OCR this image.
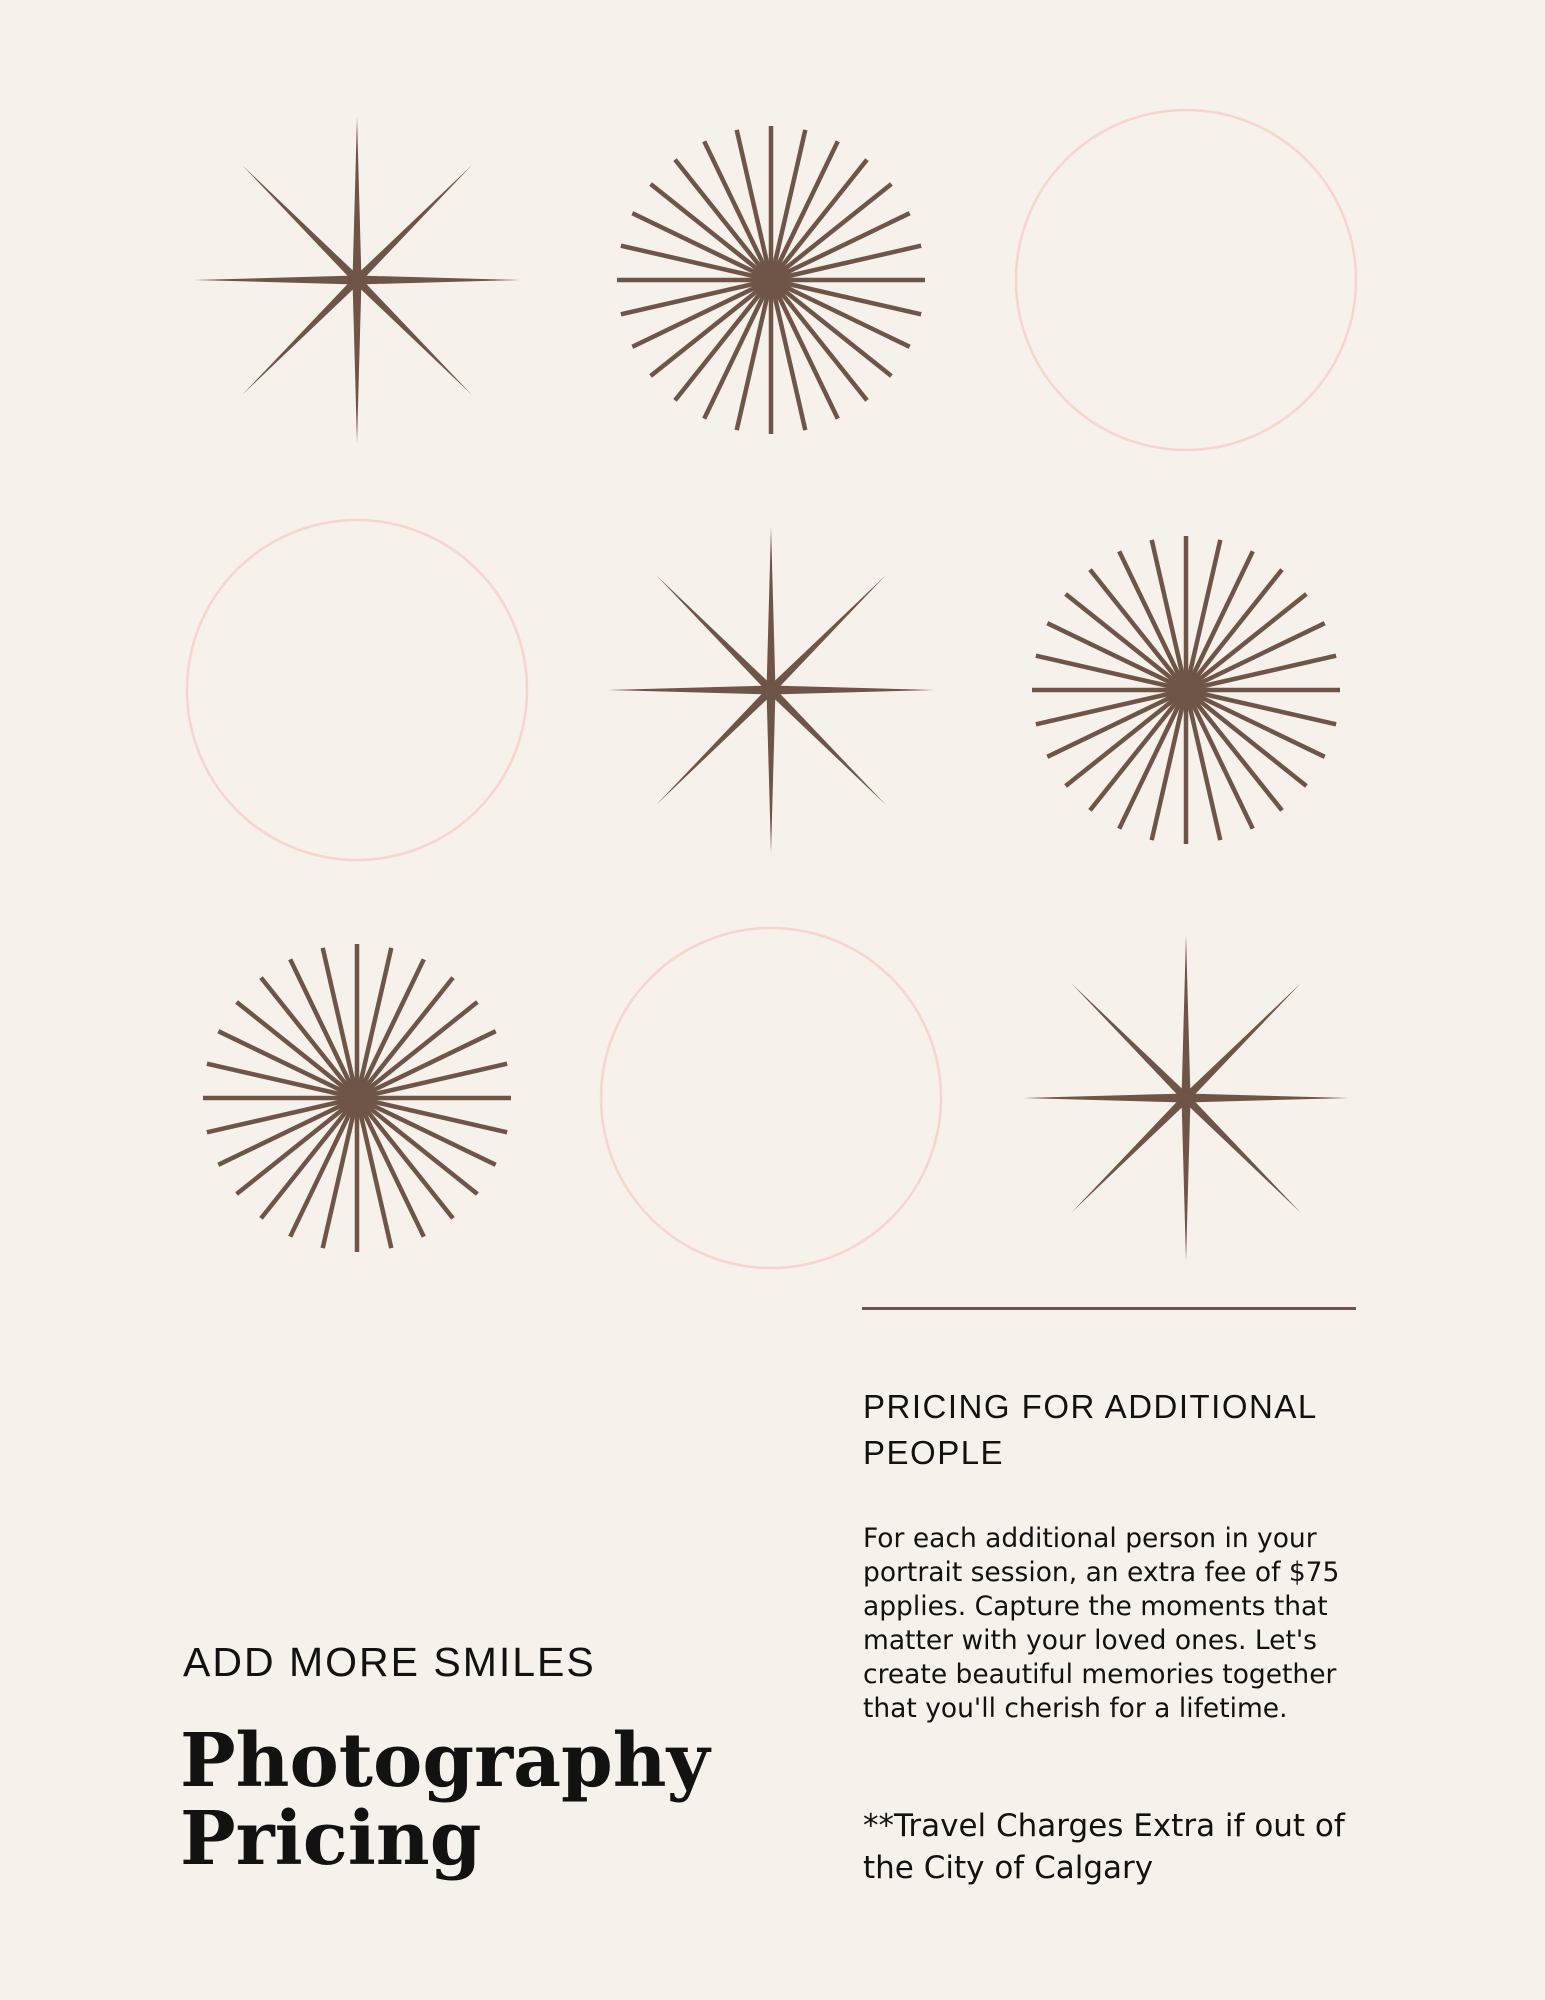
PRICING FOR ADDITIONAL PEOPLE

For each additional person in your portrait session, an extra fee of $75 applies. Capture the moments that matter with your loved ones. Let's create beautiful memories together that you'll cherish for a lifetime.

**Travel Charges Extra if out of the City of Calgary

ADD MORE SMILES

Photography Pricing
